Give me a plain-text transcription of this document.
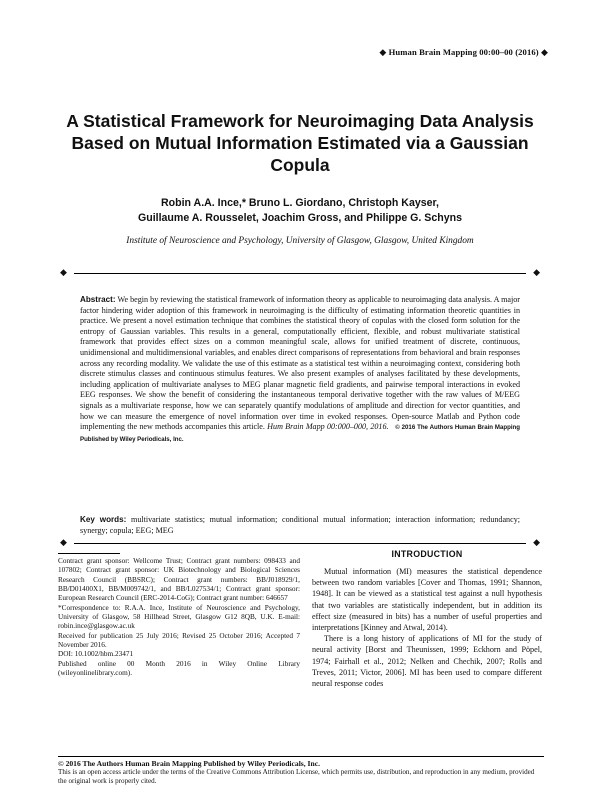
◆ Human Brain Mapping 00:00–00 (2016) ◆
A Statistical Framework for Neuroimaging Data Analysis Based on Mutual Information Estimated via a Gaussian Copula
Robin A.A. Ince,* Bruno L. Giordano, Christoph Kayser,
Guillaume A. Rousselet, Joachim Gross, and Philippe G. Schyns
Institute of Neuroscience and Psychology, University of Glasgow, Glasgow, United Kingdom
◆	◆
Abstract: We begin by reviewing the statistical framework of information theory as applicable to neuroimaging data analysis. A major factor hindering wider adoption of this framework in neuroimaging is the difficulty of estimating information theoretic quantities in practice. We present a novel estimation technique that combines the statistical theory of copulas with the closed form solution for the entropy of Gaussian variables. This results in a general, computationally efficient, flexible, and robust multivariate statistical framework that provides effect sizes on a common meaningful scale, allows for unified treatment of discrete, continuous, unidimensional and multidimensional variables, and enables direct comparisons of representations from behavioral and brain responses across any recording modality. We validate the use of this estimate as a statistical test within a neuroimaging context, considering both discrete stimulus classes and continuous stimulus features. We also present examples of analyses facilitated by these developments, including application of multivariate analyses to MEG planar magnetic field gradients, and pairwise temporal interactions in evoked EEG responses. We show the benefit of considering the instantaneous temporal derivative together with the raw values of M/EEG signals as a multivariate response, how we can separately quantify modulations of amplitude and direction for vector quantities, and how we can measure the emergence of novel information over time in evoked responses. Open-source Matlab and Python code implementing the new methods accompanies this article. Hum Brain Mapp 00:000–000, 2016. © 2016 The Authors Human Brain Mapping Published by Wiley Periodicals, Inc.
Key words: multivariate statistics; mutual information; conditional mutual information; interaction information; redundancy; synergy; copula; EEG; MEG
◆	◆

Contract grant sponsor: Wellcome Trust; Contract grant numbers: 098433 and 107802; Contract grant sponsor: UK Biotechnology and Biological Sciences Research Council (BBSRC); Contract grant numbers: BB/J018929/1, BB/D01400X1, BB/M009742/1, and BB/L027534/1; Contract grant sponsor: European Research Council (ERC-2014-CoG); Contract grant number: 646657

*Correspondence to: R.A.A. Ince, Institute of Neuroscience and Psychology, University of Glasgow, 58 Hillhead Street, Glasgow G12 8QB, U.K. E-mail: robin.ince@glasgow.ac.uk

Received for publication 25 July 2016; Revised 25 October 2016; Accepted 7 November 2016.

DOI: 10.1002/hbm.23471

Published online 00 Month 2016 in Wiley Online Library (wileyonlinelibrary.com).

INTRODUCTION

Mutual information (MI) measures the statistical dependence between two random variables [Cover and Thomas, 1991; Shannon, 1948]. It can be viewed as a statistical test against a null hypothesis that two variables are statistically independent, but in addition its effect size (measured in bits) has a number of useful properties and interpretations [Kinney and Atwal, 2014).

There is a long history of applications of MI for the study of neural activity [Borst and Theunissen, 1999; Eckhorn and Pöpel, 1974; Fairhall et al., 2012; Nelken and Chechik, 2007; Rolls and Treves, 2011; Victor, 2006]. MI has been used to compare different neural response codes

© 2016 The Authors Human Brain Mapping Published by Wiley Periodicals, Inc.
This is an open access article under the terms of the Creative Commons Attribution License, which permits use, distribution, and reproduction in any medium, provided the original work is properly cited.
